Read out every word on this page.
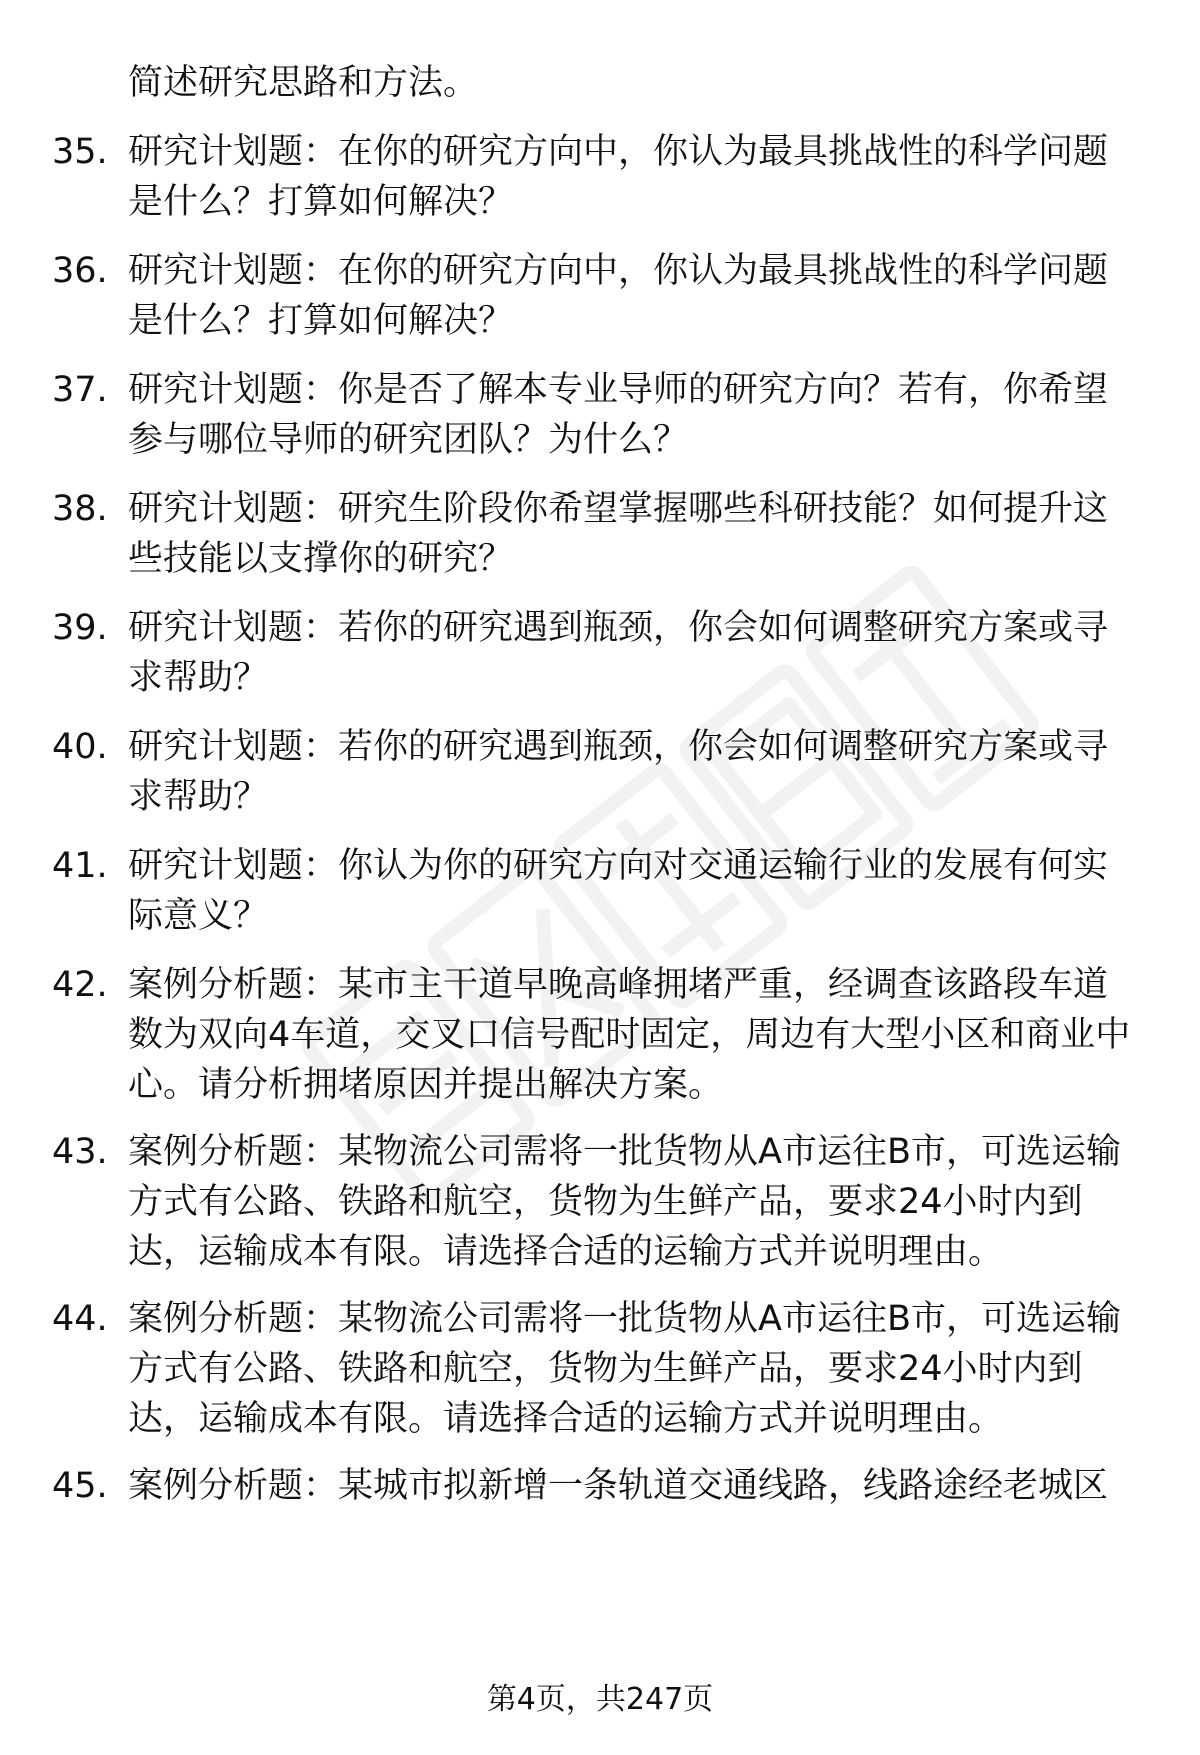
简述研究思路和方法。
35. 研究计划题：在你的研究方向中，你认为最具挑战性的科学问题
是什么？打算如何解决？
36. 研究计划题：在你的研究方向中，你认为最具挑战性的科学问题
是什么？打算如何解决？
37. 研究计划题：你是否了解本专业导师的研究方向？若有，你希望
参与哪位导师的研究团队？为什么？
38. 研究计划题：研究生阶段你希望掌握哪些科研技能？如何提升这
些技能以支撑你的研究？
39. 研究计划题：若你的研究遇到瓶颈，你会如何调整研究方案或寻
求帮助？
40. 研究计划题：若你的研究遇到瓶颈，你会如何调整研究方案或寻
求帮助？
41. 研究计划题：你认为你的研究方向对交通运输行业的发展有何实
际意义？
42. 案例分析题：某市主干道早晚高峰拥堵严重，经调查该路段车道
数为双向4车道，交叉口信号配时固定，周边有大型小区和商业中
心。请分析拥堵原因并提出解决方案。
43. 案例分析题：某物流公司需将一批货物从A市运往B市，可选运输
方式有公路、铁路和航空，货物为生鲜产品，要求24小时内到
达，运输成本有限。请选择合适的运输方式并说明理由。
44. 案例分析题：某物流公司需将一批货物从A市运往B市，可选运输
方式有公路、铁路和航空，货物为生鲜产品，要求24小时内到
达，运输成本有限。请选择合适的运输方式并说明理由。
45. 案例分析题：某城市拟新增一条轨道交通线路，线路途经老城区
第4页，共247页
